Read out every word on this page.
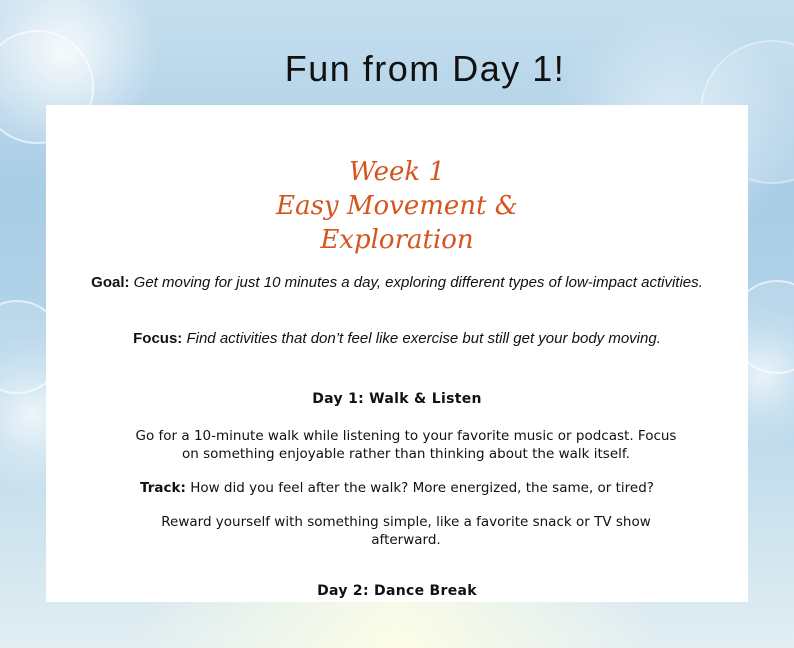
Fun from Day 1!
Week 1
Easy Movement &
Exploration
Goal: Get moving for just 10 minutes a day, exploring different types of low-impact activities.
Focus: Find activities that don’t feel like exercise but still get your body moving.
Day 1: Walk & Listen
Go for a 10-minute walk while listening to your favorite music or podcast. Focus on something enjoyable rather than thinking about the walk itself.
Track: How did you feel after the walk? More energized, the same, or tired?
Reward yourself with something simple, like a favorite snack or TV show afterward.
Day 2: Dance Break
